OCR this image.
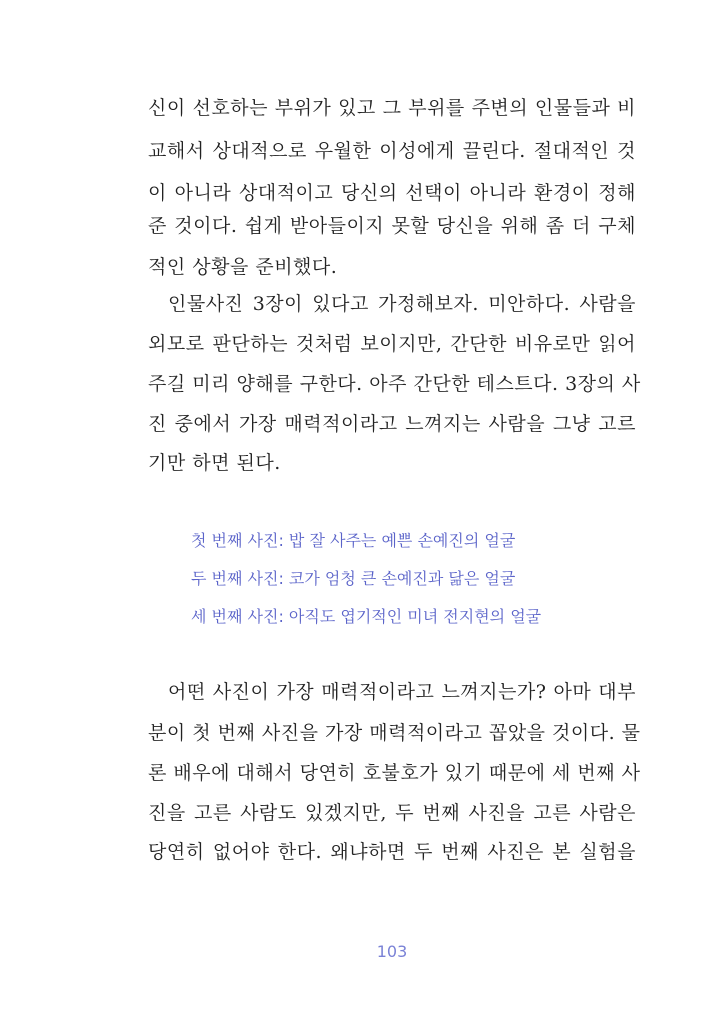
신이 선호하는 부위가 있고 그 부위를 주변의 인물들과 비
교해서 상대적으로 우월한 이성에게 끌린다. 절대적인 것
이 아니라 상대적이고 당신의 선택이 아니라 환경이 정해
준 것이다. 쉽게 받아들이지 못할 당신을 위해 좀 더 구체
적인 상황을 준비했다.
인물사진 3장이 있다고 가정해보자. 미안하다. 사람을
외모로 판단하는 것처럼 보이지만, 간단한 비유로만 읽어
주길 미리 양해를 구한다. 아주 간단한 테스트다. 3장의 사
진 중에서 가장 매력적이라고 느껴지는 사람을 그냥 고르
기만 하면 된다.
첫 번째 사진: 밥 잘 사주는 예쁜 손예진의 얼굴
두 번째 사진: 코가 엄청 큰 손예진과 닮은 얼굴
세 번째 사진: 아직도 엽기적인 미녀 전지현의 얼굴
어떤 사진이 가장 매력적이라고 느껴지는가? 아마 대부
분이 첫 번째 사진을 가장 매력적이라고 꼽았을 것이다. 물
론 배우에 대해서 당연히 호불호가 있기 때문에 세 번째 사
진을 고른 사람도 있겠지만, 두 번째 사진을 고른 사람은
당연히 없어야 한다. 왜냐하면 두 번째 사진은 본 실험을
103
